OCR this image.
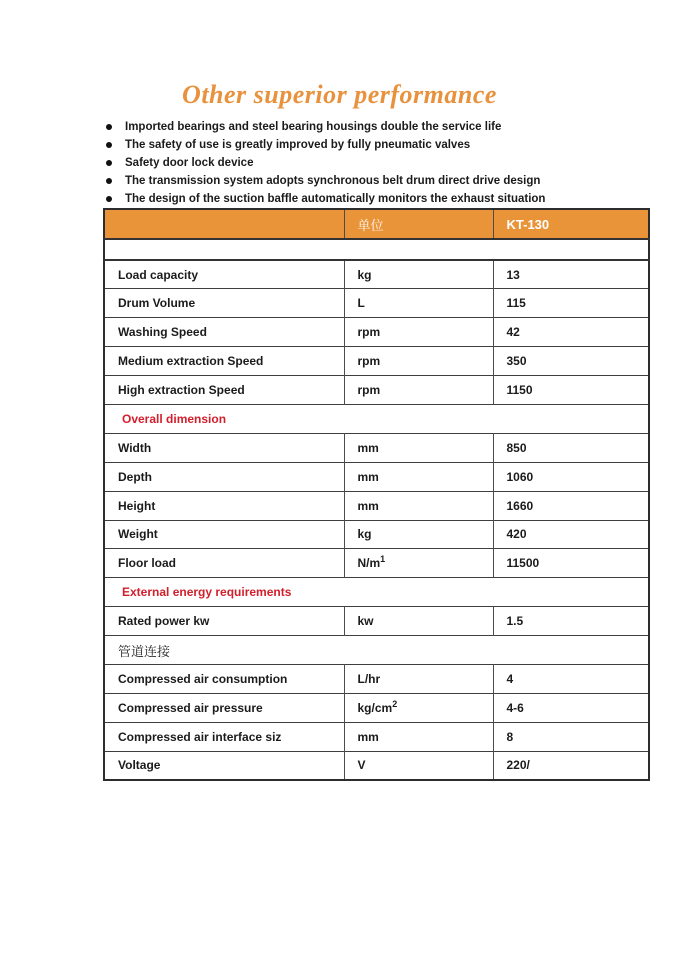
Other superior performance
Imported bearings and steel bearing housings double the service life
The safety of use is greatly improved by fully pneumatic valves
Safety door lock device
The transmission system adopts synchronous belt drum direct drive design
The design of the suction baffle automatically monitors the exhaust situation
	单位	KT-130

Load capacity	kg	13
Drum Volume	L	115
Washing Speed	rpm	42
Medium extraction Speed	rpm	350
High extraction Speed	rpm	1150
Overall dimension		
Width	mm	850
Depth	mm	1060
Height	mm	1660
Weight	kg	420
Floor load	$N/m^1$	11500
External energy requirements		
Rated power kw	kw	1.5
管道连接		
Compressed air consumption	L/hr	4
Compressed air pressure	$kg/cm^2$	4-6
Compressed air interface siz	mm	8
Voltage	V	220/
